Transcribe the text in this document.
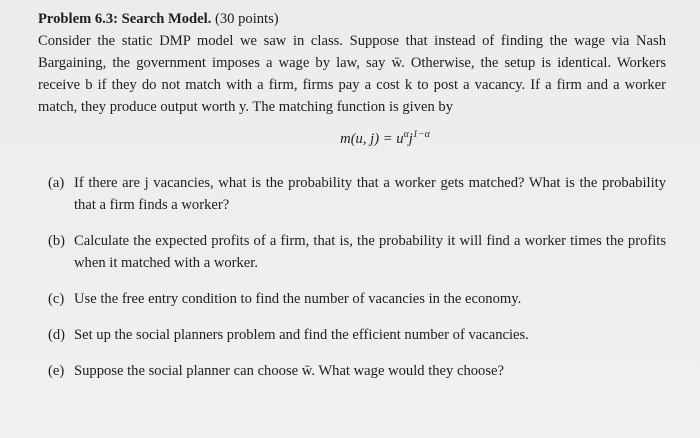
Problem 6.3: Search Model. (30 points)

Consider the static DMP model we saw in class. Suppose that instead of finding the wage via Nash Bargaining, the government imposes a wage by law, say w̄. Otherwise, the setup is identical. Workers receive b if they do not match with a firm, firms pay a cost k to post a vacancy. If a firm and a worker match, they produce output worth y. The matching function is given by

m(u, $j) = u^\alpha j^{1-\alpha}$
(a) If there are j vacancies, what is the probability that a worker gets matched? What is the probability that a firm finds a worker?
(b) Calculate the expected profits of a firm, that is, the probability it will find a worker times the profits when it matched with a worker.
(c) Use the free entry condition to find the number of vacancies in the economy.
(d) Set up the social planners problem and find the efficient number of vacancies.
(e) Suppose the social planner can choose w̄. What wage would they choose?
